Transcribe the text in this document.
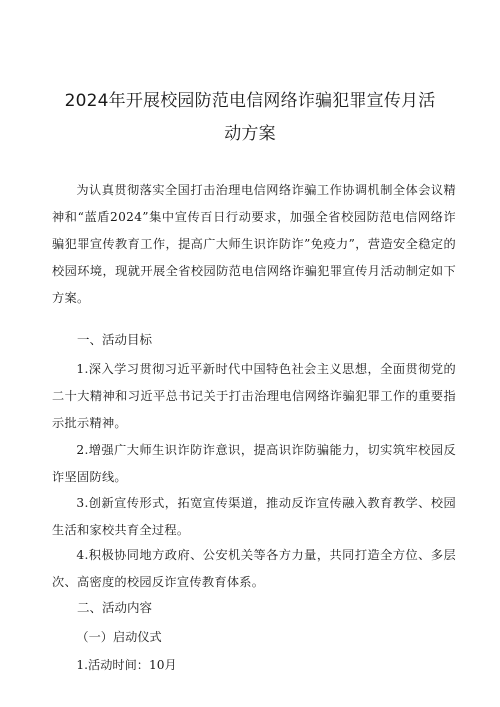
2024年开展校园防范电信网络诈骗犯罪宣传月活
动方案

为认真贯彻落实全国打击治理电信网络诈骗工作协调机制全体会议精神和“蓝盾2024”集中宣传百日行动要求，加强全省校园防范电信网络诈骗犯罪宣传教育工作，提高广大师生识诈防诈”免疫力”，营造安全稳定的校园环境，现就开展全省校园防范电信网络诈骗犯罪宣传月活动制定如下方案。

一、活动目标

1.深入学习贯彻习近平新时代中国特色社会主义思想，全面贯彻党的二十大精神和习近平总书记关于打击治理电信网络诈骗犯罪工作的重要指示批示精神。

2.增强广大师生识诈防诈意识，提高识诈防骗能力，切实筑牢校园反诈坚固防线。

3.创新宣传形式，拓宽宣传渠道，推动反诈宣传融入教育教学、校园生活和家校共育全过程。

4.积极协同地方政府、公安机关等各方力量，共同打造全方位、多层次、高密度的校园反诈宣传教育体系。

二、活动内容
（一）启动仪式
1.活动时间：10月
